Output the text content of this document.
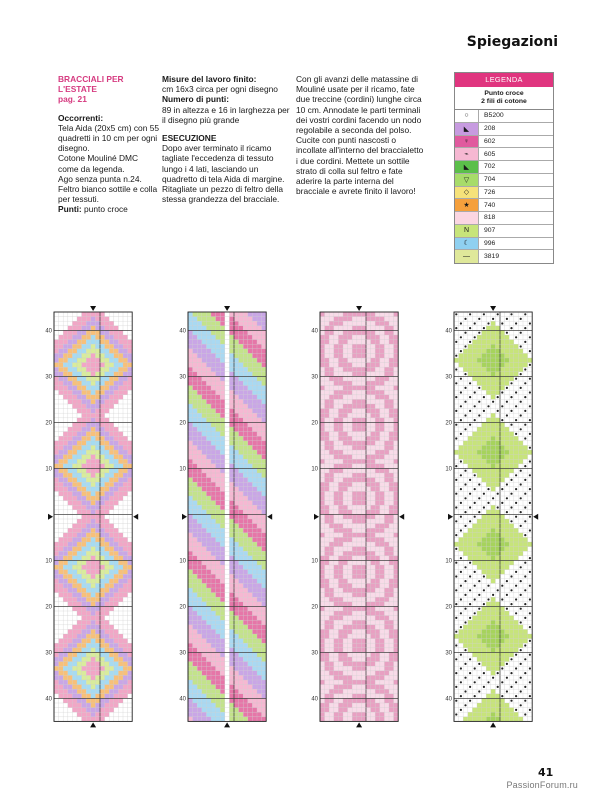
Spiegazioni
BRACCIALI PER L'ESTATE
pag. 21
Occorrenti:
Tela Aida (20x5 cm) con 55 quadretti in 10 cm per ogni disegno.
Cotone Mouliné DMC come da legenda.
Ago senza punta n.24.
Feltro bianco sottile e colla per tessuti.
Punti: punto croce
Misure del lavoro finito:
cm 16x3 circa per ogni disegno
Numero di punti:
89 in altezza e 16 in larghezza per il disegno più grande
ESECUZIONE
Dopo aver terminato il ricamo tagliate l'eccedenza di tessuto lungo i 4 lati, lasciando un quadretto di tela Aida di margine. Ritagliate un pezzo di feltro della stessa grandezza del bracciale.
Con gli avanzi delle matassine di Mouliné usate per il ricamo, fate due treccine (cordini) lunghe circa 10 cm. Annodate le parti terminali dei vostri cordini facendo un nodo regolabile a seconda del polso. Cucite con punti nascosti o incollate all'interno del braccialetto i due cordini. Mettete un sottile strato di colla sul feltro e fate aderire la parte interna del bracciale e avrete finito il lavoro!
LEGENDA
Punto croce
2 fili di cotone
○	B5200
◣	208
♀	602
⌁	605
◣	702
▽	704
◇	726
★	740
818
N	907
☾	996
—	3819
40
30
20
10
10
20
30
40
40
30
20
10
10
20
30
40
40
30
20
10
10
20
30
40
40
30
20
10
10
20
30
40
41
PassionForum.ru
